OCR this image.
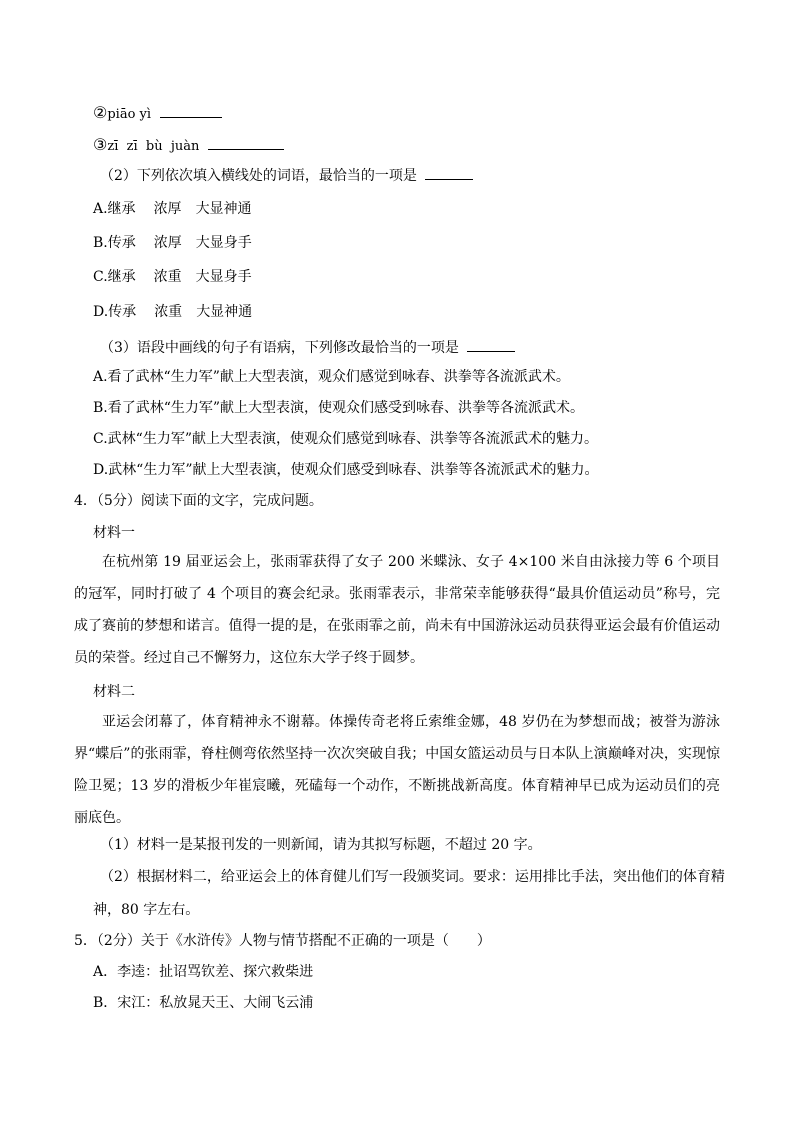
②piāo yì
③zī  zī  bù  juàn
（2）下列依次填入横线处的词语，最恰当的一项是
A.继承 浓厚 大显神通
B.传承 浓厚 大显身手
C.继承 浓重 大显身手
D.传承 浓重 大显神通
（3）语段中画线的句子有语病，下列修改最恰当的一项是
A.看了武林“生力军”献上大型表演，观众们感觉到咏春、洪拳等各流派武术。
B.看了武林“生力军”献上大型表演，使观众们感受到咏春、洪拳等各流派武术。
C.武林“生力军”献上大型表演，使观众们感觉到咏春、洪拳等各流派武术的魅力。
D.武林“生力军”献上大型表演，使观众们感受到咏春、洪拳等各流派武术的魅力。
4．（5分）阅读下面的文字，完成问题。
材料一
在杭州第 19 届亚运会上，张雨霏获得了女子 200 米蝶泳、女子 4×100 米自由泳接力等 6 个项目的冠军，同时打破了 4 个项目的赛会纪录。张雨霏表示，非常荣幸能够获得“最具价值运动员”称号，完成了赛前的梦想和诺言。值得一提的是，在张雨霏之前，尚未有中国游泳运动员获得亚运会最有价值运动员的荣誉。经过自己不懈努力，这位东大学子终于圆梦。
材料二
亚运会闭幕了，体育精神永不谢幕。体操传奇老将丘索维金娜，48 岁仍在为梦想而战；被誉为游泳界“蝶后”的张雨霏，脊柱侧弯依然坚持一次次突破自我；中国女篮运动员与日本队上演巅峰对决，实现惊险卫冕；13 岁的滑板少年崔宸曦，死磕每一个动作，不断挑战新高度。体育精神早已成为运动员们的亮丽底色。
（1）材料一是某报刊发的一则新闻，请为其拟写标题，不超过 20 字。
（2）根据材料二，给亚运会上的体育健儿们写一段颁奖词。要求：运用排比手法，突出他们的体育精
神，80 字左右。
5．（2分）关于《水浒传》人物与情节搭配不正确的一项是（　　）
A．李逵：扯诏骂钦差、探穴救柴进
B．宋江：私放晁天王、大闹飞云浦
